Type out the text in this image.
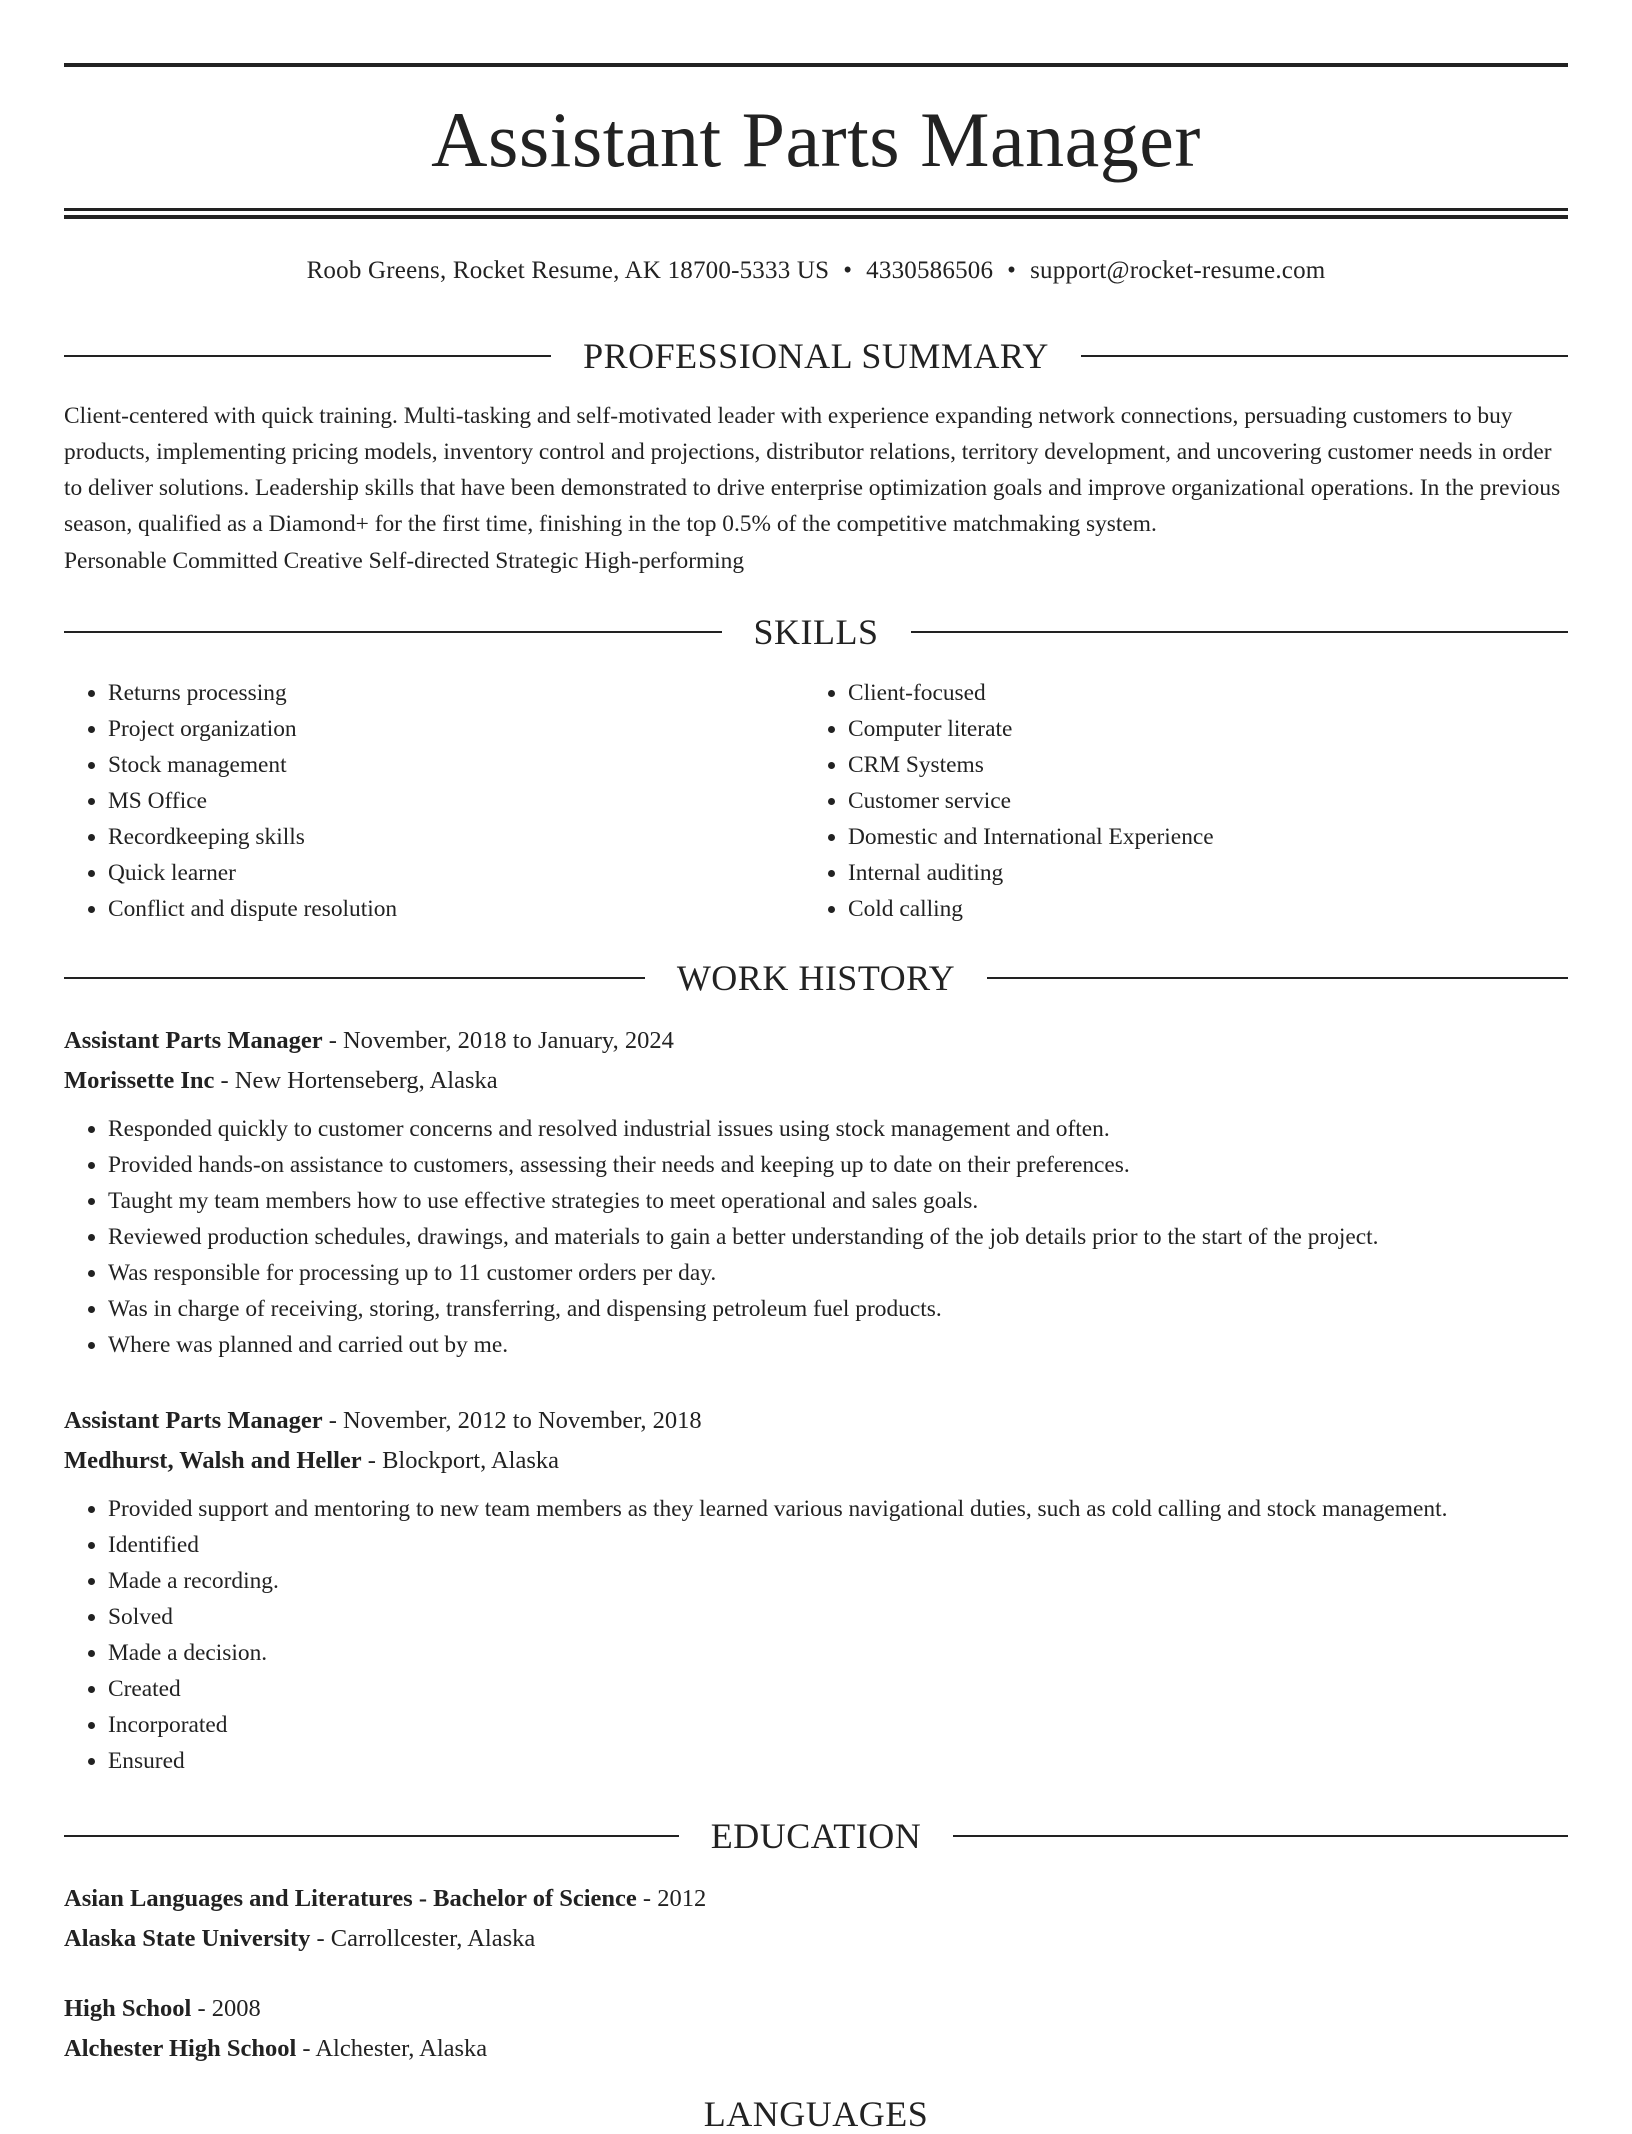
Assistant Parts Manager
Roob Greens, Rocket Resume, AK 18700-5333 US • 4330586506 • support@rocket-resume.com
PROFESSIONAL SUMMARY

Client-centered with quick training. Multi-tasking and self-motivated leader with experience expanding network connections, persuading customers to buy products, implementing pricing models, inventory control and projections, distributor relations, territory development, and uncovering customer needs in order to deliver solutions. Leadership skills that have been demonstrated to drive enterprise optimization goals and improve organizational operations. In the previous season, qualified as a Diamond+ for the first time, finishing in the top 0.5% of the competitive matchmaking system.

Personable Committed Creative Self-directed Strategic High-performing

SKILLS
• Returns processing
• Project organization
• Stock management
• MS Office
• Recordkeeping skills
• Quick learner
• Conflict and dispute resolution
• Client-focused
• Computer literate
• CRM Systems
• Customer service
• Domestic and International Experience
• Internal auditing
• Cold calling
WORK HISTORY
Assistant Parts Manager - November, 2018 to January, 2024
Morissette Inc - New Hortenseberg, Alaska
• Responded quickly to customer concerns and resolved industrial issues using stock management and often.
• Provided hands-on assistance to customers, assessing their needs and keeping up to date on their preferences.
• Taught my team members how to use effective strategies to meet operational and sales goals.
• Reviewed production schedules, drawings, and materials to gain a better understanding of the job details prior to the start of the project.
• Was responsible for processing up to 11 customer orders per day.
• Was in charge of receiving, storing, transferring, and dispensing petroleum fuel products.
• Where was planned and carried out by me.
Assistant Parts Manager - November, 2012 to November, 2018
Medhurst, Walsh and Heller - Blockport, Alaska
• Provided support and mentoring to new team members as they learned various navigational duties, such as cold calling and stock management.
• Identified
• Made a recording.
• Solved
• Made a decision.
• Created
• Incorporated
• Ensured
EDUCATION
Asian Languages and Literatures - Bachelor of Science - 2012
Alaska State University - Carrollcester, Alaska
High School - 2008
Alchester High School - Alchester, Alaska
LANGUAGES
